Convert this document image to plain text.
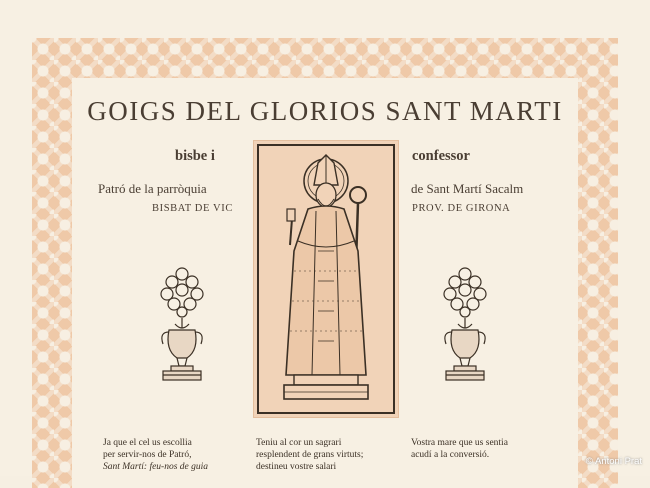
GOIGS DEL GLORIOS SANT MARTI
bisbe i	confessor
Patró de la parròquia
BISBAT DE VIC
de Sant Martí Sacalm
PROV. DE GIRONA
Ja que el cel us escollia
per servir-nos de Patró,
Sant Martí: feu-nos de guia
Teniu al cor un sagrari
resplendent de grans virtuts;
destineu vostre salari
Vostra mare que us sentia
acudí a la conversió.
© Antoni Prat
